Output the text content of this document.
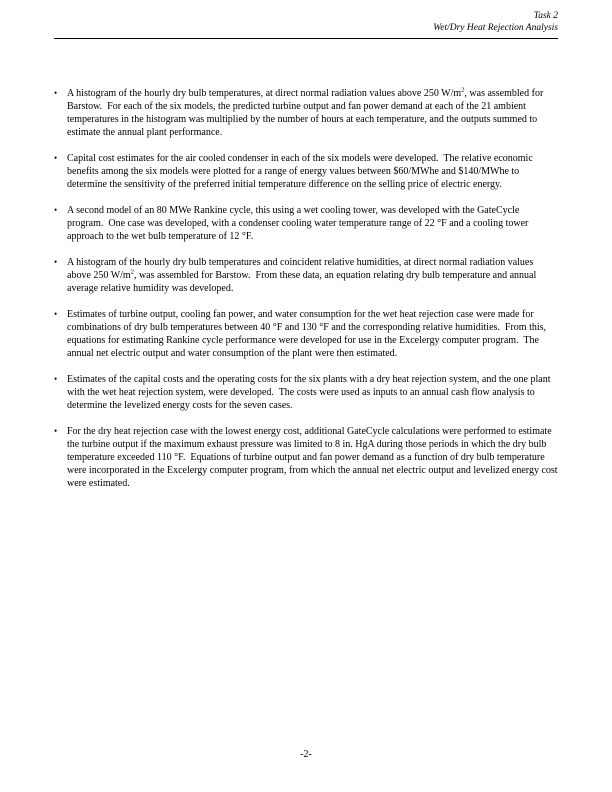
Task 2
Wet/Dry Heat Rejection Analysis
• A histogram of the hourly dry bulb temperatures, at direct normal radiation values above 250 $W/m^2$, was assembled for Barstow.  For each of the six models, the predicted turbine output and fan power demand at each of the 21 ambient temperatures in the histogram was multiplied by the number of hours at each temperature, and the outputs summed to estimate the annual plant performance.
• Capital cost estimates for the air cooled condenser in each of the six models were developed.  The relative economic benefits among the six models were plotted for a range of energy values between $60/MWhe and $140/MWhe to determine the sensitivity of the preferred initial temperature difference on the selling price of electric energy.
• A second model of an 80 MWe Rankine cycle, this using a wet cooling tower, was developed with the GateCycle program.  One case was developed, with a condenser cooling water temperature range of 22 °F and a cooling tower approach to the wet bulb temperature of 12 °F.
• A histogram of the hourly dry bulb temperatures and coincident relative humidities, at direct normal radiation values above 250 $W/m^2$, was assembled for Barstow.  From these data, an equation relating dry bulb temperature and annual average relative humidity was developed.
• Estimates of turbine output, cooling fan power, and water consumption for the wet heat rejection case were made for combinations of dry bulb temperatures between 40 °F and 130 °F and the corresponding relative humidities.  From this, equations for estimating Rankine cycle performance were developed for use in the Excelergy computer program.  The annual net electric output and water consumption of the plant were then estimated.
• Estimates of the capital costs and the operating costs for the six plants with a dry heat rejection system, and the one plant with the wet heat rejection system, were developed.  The costs were used as inputs to an annual cash flow analysis to determine the levelized energy costs for the seven cases.
• For the dry heat rejection case with the lowest energy cost, additional GateCycle calculations were performed to estimate the turbine output if the maximum exhaust pressure was limited to 8 in. HgA during those periods in which the dry bulb temperature exceeded 110 °F.  Equations of turbine output and fan power demand as a function of dry bulb temperature were incorporated in the Excelergy computer program, from which the annual net electric output and levelized energy cost were estimated.
-2-
